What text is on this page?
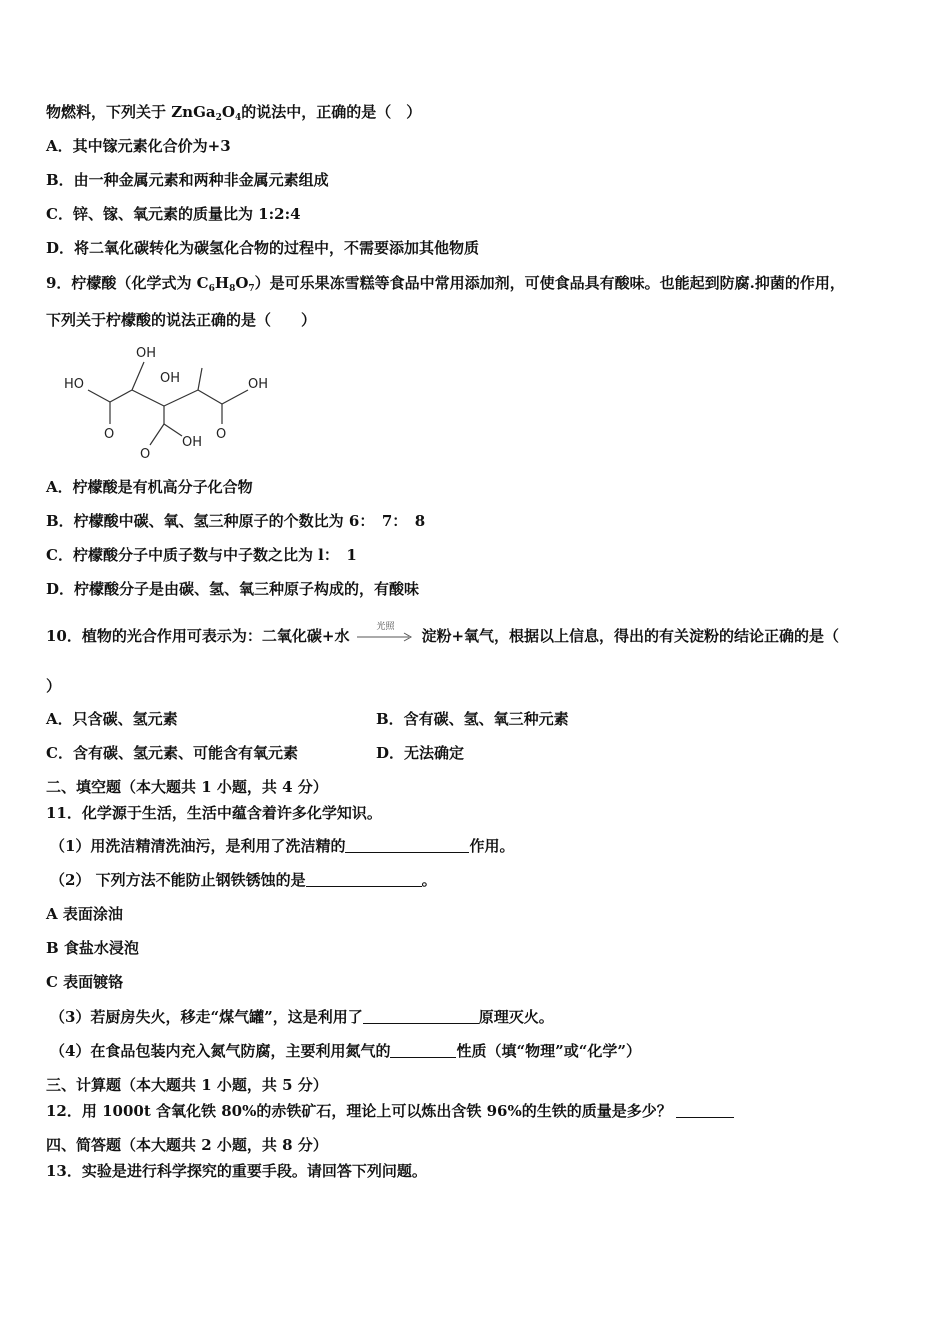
物燃料，下列关于 $ZnGa_2O_4$的说法中，正确的是（　）
A．其中镓元素化合价为+3
B．由一种金属元素和两种非金属元素组成
C．锌、镓、氧元素的质量比为 1:2:4
D．将二氧化碳转化为碳氢化合物的过程中，不需要添加其他物质
9．柠檬酸（化学式为 $C_6H_8O_7$）是可乐果冻雪糕等食品中常用添加剂，可使食品具有酸味。也能起到防腐.抑菌的作用，
下列关于柠檬酸的说法正确的是（　　）
OH
HO	OH	OH
O	O
O
OH
A．柠檬酸是有机高分子化合物
B．柠檬酸中碳、氧、氢三种原子的个数比为 6：　7：　8
C．柠檬酸分子中质子数与中子数之比为 l：　1
D．柠檬酸分子是由碳、氢、氧三种原子构成的，有酸味
10．植物的光合作用可表示为：二氧化碳+水	光照	淀粉+氧气，根据以上信息，得出的有关淀粉的结论正确的是（
）
A．只含碳、氢元素	B．含有碳、氢、氧三种元素
C．含有碳、氢元素、可能含有氧元素	D．无法确定
二、填空题（本大题共 1 小题，共 4 分）
11．化学源于生活，生活中蕴含着许多化学知识。
（1）用洗洁精清洗油污，是利用了洗洁精的	作用。
（2） 下列方法不能防止钢铁锈蚀的是	。
A 表面涂油
B 食盐水浸泡
C 表面镀铬
（3）若厨房失火，移走“煤气罐”，这是利用了	原理灭火。
（4）在食品包装内充入氮气防腐，主要利用氮气的	性质（填“物理”或“化学”）
三、计算题（本大题共 1 小题，共 5 分）
12．用 1000t 含氧化铁 80%的赤铁矿石，理论上可以炼出含铁 96%的生铁的质量是多少？
四、简答题（本大题共 2 小题，共 8 分）
13．实验是进行科学探究的重要手段。请回答下列问题。
